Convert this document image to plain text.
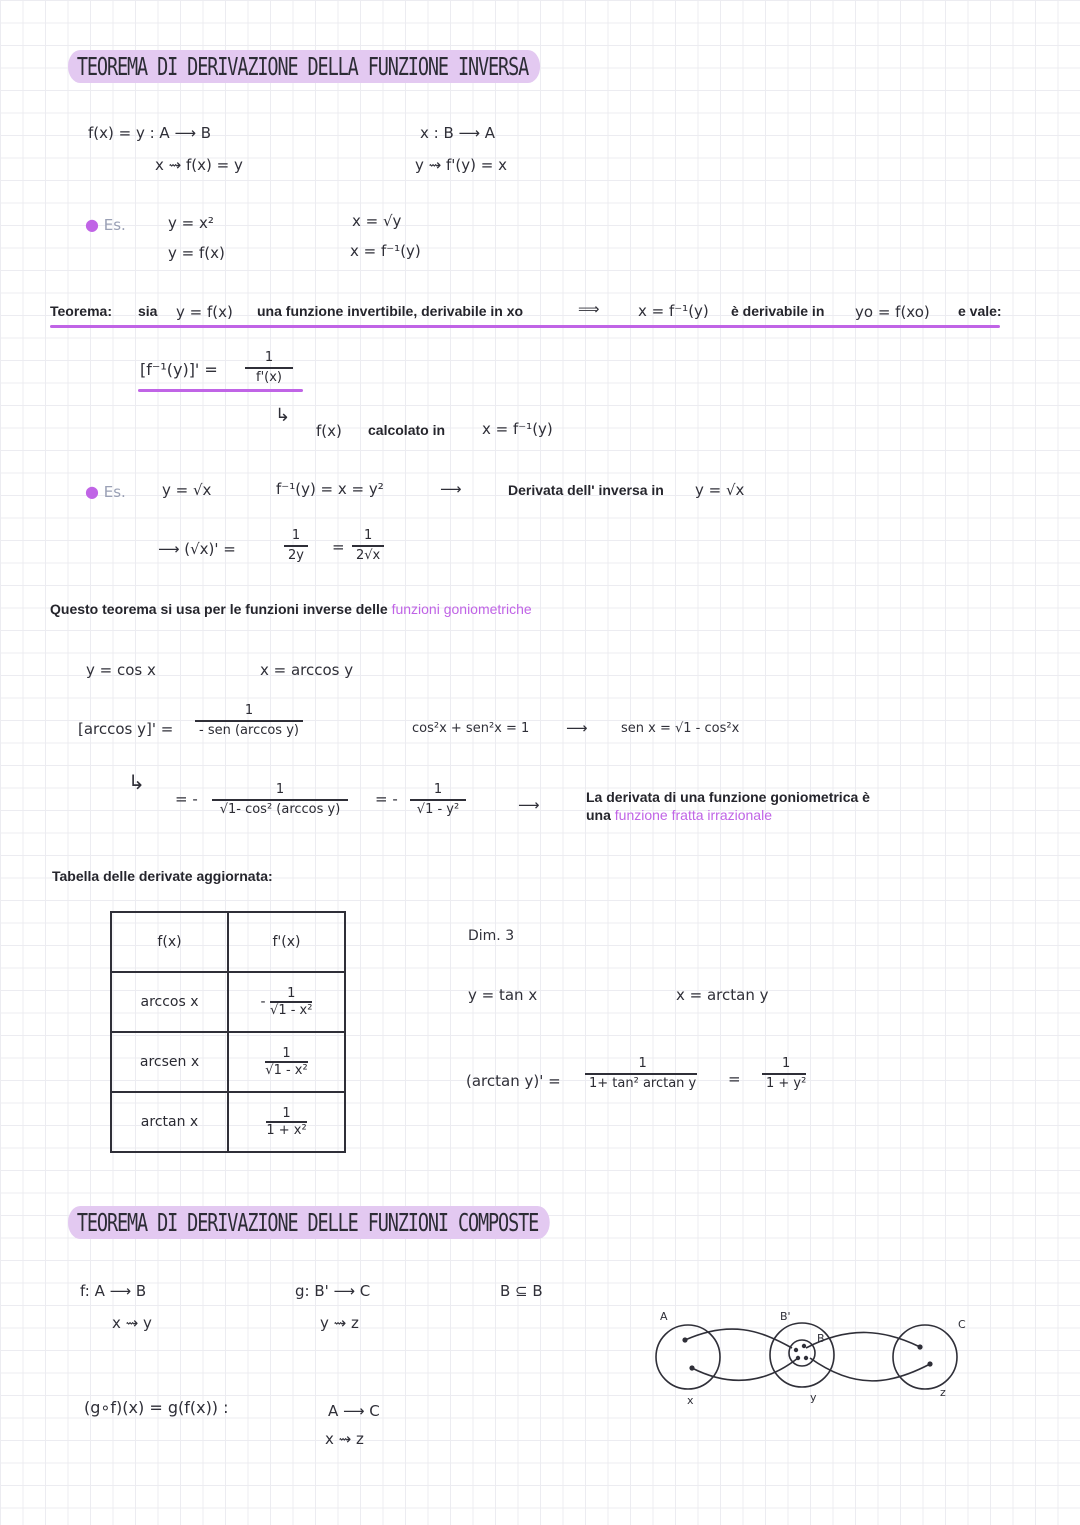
TEOREMA DI DERIVAZIONE DELLA FUNZIONE INVERSA
f(x) = y : A ⟶ B
x ⇝ f(x) = y
x : B ⟶ A
y ⇝ f'(y) = x
● Es.	y = x²
y = f(x)
x = √y
x = f⁻¹(y)
Teorema: sia y = f(x) una funzione invertibile, derivabile in xo	⟹	x = f⁻¹(y) è derivabile in yo = f(xo) e vale:
[f⁻¹(y)]' =
1
f'(x)
↳
f(x) calcolato in x = f⁻¹(y)
● Es. y = √x	f⁻¹(y) = x = y²	⟶	Derivata dell' inversa in y = √x
⟶ (√x)' =
1
2y =
1
2√x
Questo teorema si usa per le funzioni inverse delle funzioni goniometriche
y = cos x	x = arccos y
[arccos y]' =
1
- sen (arccos y)	cos²x + sen²x = 1 ⟶	sen x = √1 - cos²x
↳
= -
1
√1- cos² (arccos y)
= -
1
√1 - y²	⟶	La derivata di una funzione goniometrica è
una funzione fratta irrazionale
Tabella delle derivate aggiornata:
f(x)	f'(x)
arccos x	- $\frac{1}{\text{√1 - x²}}$

arcsen x	$\frac{1}{\text{√1 - x²}}$

arctan x	$\frac{1}{\text{1 + x²}}$
Dim. 3
y = tan x	x = arctan y
(arctan y)' =
1
1+ tan² arctan y =
1
1 + y²
TEOREMA DI DERIVAZIONE DELLE FUNZIONI COMPOSTE
f: A ⟶ B
x ⇝ y
g: B' ⟶ C
y ⇝ z
B ⊆ B
(g∘f)(x) = g(f(x)) :	A ⟶ C
x ⇝ z
A	B'
B
C
x	y	z
